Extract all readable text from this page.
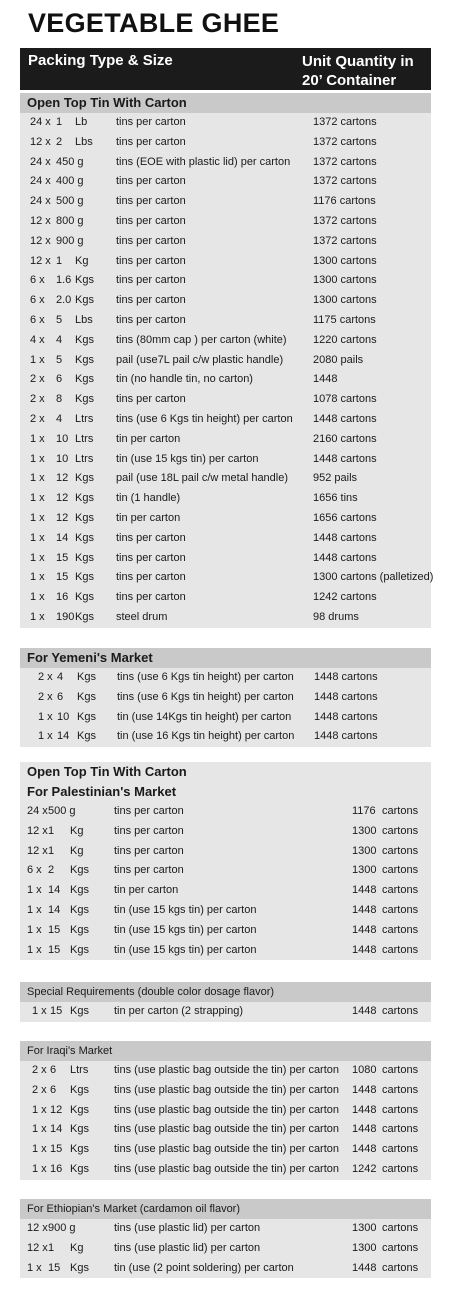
VEGETABLE GHEE
Packing Type & Size	Unit Quantity in
20’ Container
Open Top Tin With Carton
24 x 1 Lb	tins per carton	1372 cartons
12 x 2 Lbs tins per carton	1372 cartons
24 x 450 g	tins (EOE with plastic lid) per carton 1372 cartons
24 x 400 g	tins per carton	1372 cartons
24 x 500 g	tins per carton	1176 cartons
12 x 800 g	tins per carton	1372 cartons
12 x 900 g	tins per carton	1372 cartons
12 x 1 Kg	tins per carton	1300 cartons
6 x 1.6 Kgs tins per carton	1300 cartons
6 x 2.0 Kgs tins per carton	1300 cartons
6 x 5 Lbs tins per carton	1175 cartons
4 x 4 Kgs tins (80mm cap ) per carton (white) 1220 cartons
1 x 5 Kgs pail (use7L pail c/w plastic handle)	2080 pails
2 x 6 Kgs tin (no handle tin, no carton)	1448
2 x 8 Kgs tins per carton	1078 cartons
2 x 4 Ltrs tins (use 6 Kgs tin height) per carton 1448 cartons
1 x 10 Ltrs tin per carton	2160 cartons
1 x 10 Ltrs tin (use 15 kgs tin) per carton	1448 cartons
1 x 12 Kgs pail (use 18L pail c/w metal handle) 952 pails
1 x 12 Kgs tin (1 handle)	1656 tins
1 x 12 Kgs tin per carton	1656 cartons
1 x 14 Kgs tins per carton	1448 cartons
1 x 15 Kgs tins per carton	1448 cartons
1 x 15 Kgs tins per carton	1300 cartons (palletized)
1 x 16 Kgs tins per carton	1242 cartons
1 x 190 Kgs steel drum	98 drums
For Yemeni's Market
2 x 4 Kgs tins (use 6 Kgs tin height) per carton 1448 cartons
2 x 6 Kgs tins (use 6 Kgs tin height) per carton 1448 cartons
1 x 10 Kgs tin (use 14Kgs tin height) per carton 1448 cartons
1 x 14 Kgs tin (use 16 Kgs tin height) per carton 1448 cartons
Open Top Tin With Carton
For Palestinian's Market
24 x 500 g	tins per carton	1176 cartons
12 x 1 Kg	tins per carton	1300 cartons
12 x 1 Kg	tins per carton	1300 cartons
6 x 2 Kgs tins per carton	1300 cartons
1 x 14 Kgs tin per carton	1448 cartons
1 x 14 Kgs tin (use 15 kgs tin) per carton	1448 cartons
1 x 15 Kgs tin (use 15 kgs tin) per carton	1448 cartons
1 x 15 Kgs tin (use 15 kgs tin) per carton	1448 cartons
Special Requirements (double color dosage flavor)
1 x 15 Kgs tin per carton (2 strapping)	1448 cartons
For Iraqi's Market
2 x 6 Ltrs tins (use plastic bag outside the tin) per carton 1080 cartons
2 x 6 Kgs tins (use plastic bag outside the tin) per carton 1448 cartons
1 x 12 Kgs tins (use plastic bag outside the tin) per carton 1448 cartons
1 x 14 Kgs tins (use plastic bag outside the tin) per carton 1448 cartons
1 x 15 Kgs tins (use plastic bag outside the tin) per carton 1448 cartons
1 x 16 Kgs tins (use plastic bag outside the tin) per carton 1242 cartons
For Ethiopian's Market (cardamon oil flavor)
12 x 900 g	tins (use plastic lid) per carton	1300 cartons
12 x 1 Kg	tins (use plastic lid) per carton	1300 cartons
1 x 15 Kgs tin (use (2 point soldering) per carton	1448 cartons
